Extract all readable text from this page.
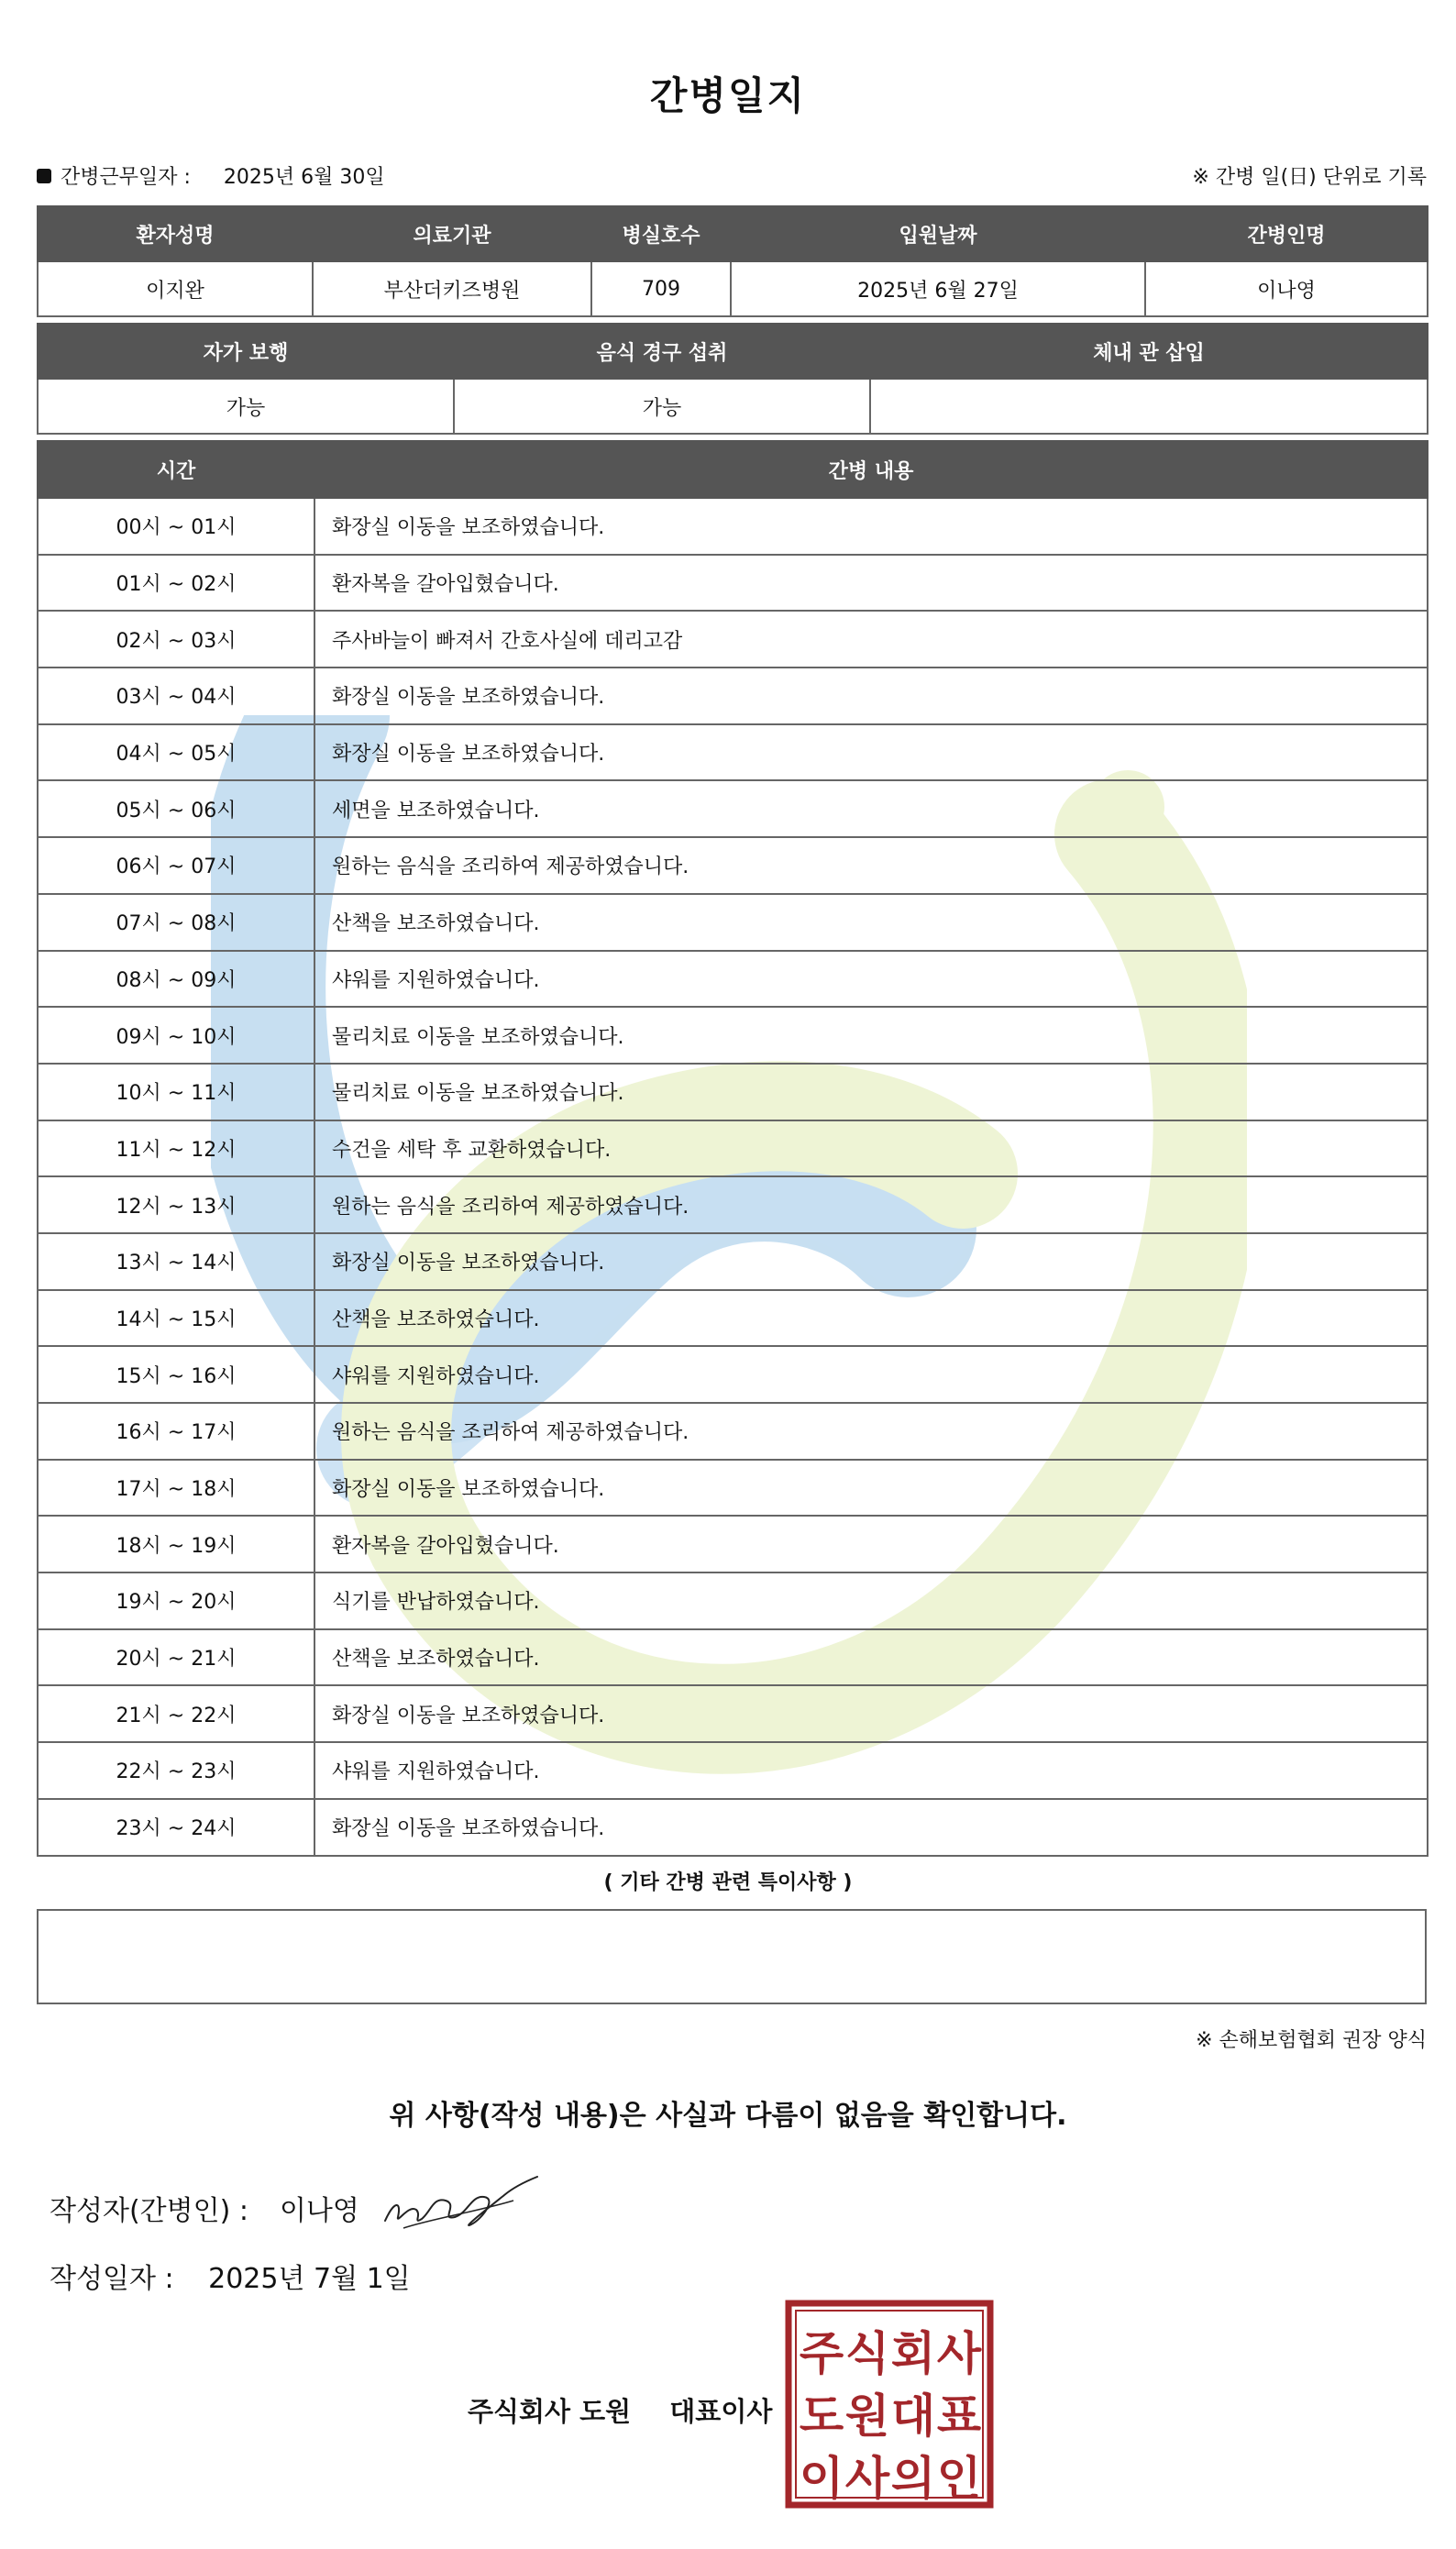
간병일지
간병근무일자 : 2025년 6월 30일	※ 간병 일(日) 단위로 기록
환자성명	의료기관	병실호수	입원날짜	간병인명
이지완	부산더키즈병원	709	2025년 6월 27일	이나영
자가 보행	음식 경구 섭취	체내 관 삽입
가능	가능	
시간	간병 내용
00시 ~ 01시	화장실 이동을 보조하였습니다.
01시 ~ 02시	환자복을 갈아입혔습니다.
02시 ~ 03시	주사바늘이 빠져서 간호사실에 데리고감
03시 ~ 04시	화장실 이동을 보조하였습니다.
04시 ~ 05시	화장실 이동을 보조하였습니다.
05시 ~ 06시	세면을 보조하였습니다.
06시 ~ 07시	원하는 음식을 조리하여 제공하였습니다.
07시 ~ 08시	산책을 보조하였습니다.
08시 ~ 09시	샤워를 지원하였습니다.
09시 ~ 10시	물리치료 이동을 보조하였습니다.
10시 ~ 11시	물리치료 이동을 보조하였습니다.
11시 ~ 12시	수건을 세탁 후 교환하였습니다.
12시 ~ 13시	원하는 음식을 조리하여 제공하였습니다.
13시 ~ 14시	화장실 이동을 보조하였습니다.
14시 ~ 15시	산책을 보조하였습니다.
15시 ~ 16시	샤워를 지원하였습니다.
16시 ~ 17시	원하는 음식을 조리하여 제공하였습니다.
17시 ~ 18시	화장실 이동을 보조하였습니다.
18시 ~ 19시	환자복을 갈아입혔습니다.
19시 ~ 20시	식기를 반납하였습니다.
20시 ~ 21시	산책을 보조하였습니다.
21시 ~ 22시	화장실 이동을 보조하였습니다.
22시 ~ 23시	샤워를 지원하였습니다.
23시 ~ 24시	화장실 이동을 보조하였습니다.
( 기타 간병 관련 특이사항 )
※ 손해보험협회 권장 양식
위 사항(작성 내용)은 사실과 다름이 없음을 확인합니다.
작성자(간병인) : 이나영
작성일자 : 2025년 7월 1일
주식회사 도원 대표이사
주 식 회 사
도 원 대 표
이 사 의 인
